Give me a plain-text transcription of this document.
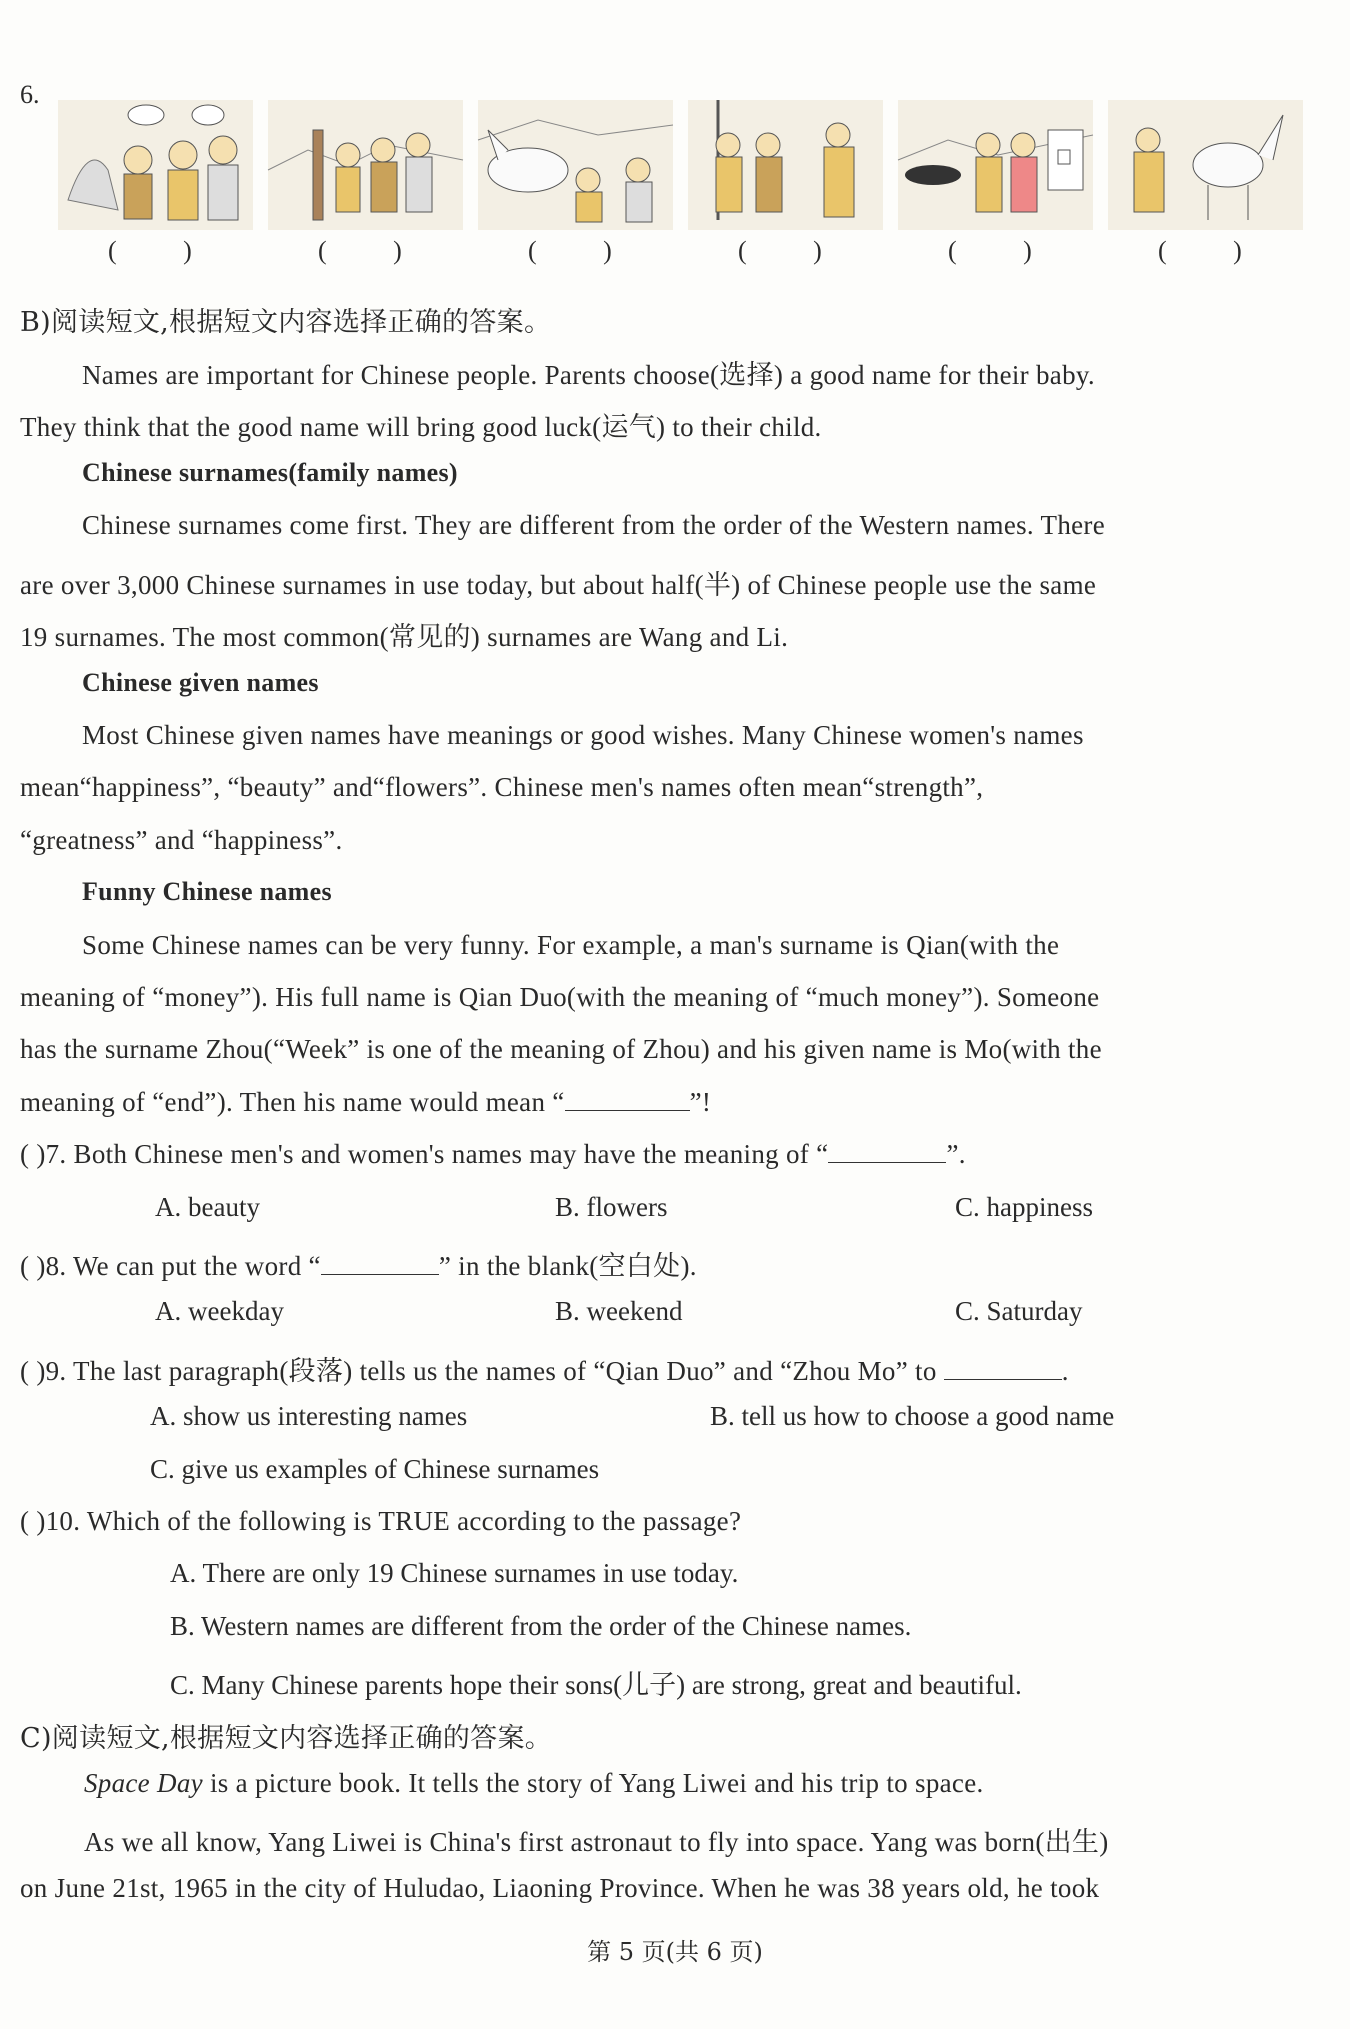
6.
( )	( )	( )	( )	( )	( )
B)阅读短文,根据短文内容选择正确的答案。
Names are important for Chinese people. Parents choose(选择) a good name for their baby.
They think that the good name will bring good luck(运气) to their child.
Chinese surnames(family names)
Chinese surnames come first. They are different from the order of the Western names. There
are over 3,000 Chinese surnames in use today, but about half(半) of Chinese people use the same
19 surnames. The most common(常见的) surnames are Wang and Li.
Chinese given names
Most Chinese given names have meanings or good wishes. Many Chinese women's names
mean“happiness”, “beauty” and“flowers”. Chinese men's names often mean“strength”,
“greatness” and “happiness”.
Funny Chinese names
Some Chinese names can be very funny. For example, a man's surname is Qian(with the
meaning of “money”). His full name is Qian Duo(with the meaning of “much money”). Someone
has the surname Zhou(“Week” is one of the meaning of Zhou) and his given name is Mo(with the
meaning of “end”). Then his name would mean “	”!
( )7. Both Chinese men's and women's names may have the meaning of “	”.
A. beauty	B. flowers	C. happiness
( )8. We can put the word “	” in the blank(空白处).
A. weekday	B. weekend	C. Saturday
( )9. The last paragraph(段落) tells us the names of “Qian Duo” and “Zhou Mo” to	.
A. show us interesting names	B. tell us how to choose a good name
C. give us examples of Chinese surnames
( )10. Which of the following is TRUE according to the passage?
A. There are only 19 Chinese surnames in use today.
B. Western names are different from the order of the Chinese names.
C. Many Chinese parents hope their sons(儿子) are strong, great and beautiful.
C)阅读短文,根据短文内容选择正确的答案。
Space Day is a picture book. It tells the story of Yang Liwei and his trip to space.
As we all know, Yang Liwei is China's first astronaut to fly into space. Yang was born(出生)
on June 21st, 1965 in the city of Huludao, Liaoning Province. When he was 38 years old, he took
第 5 页(共 6 页)
